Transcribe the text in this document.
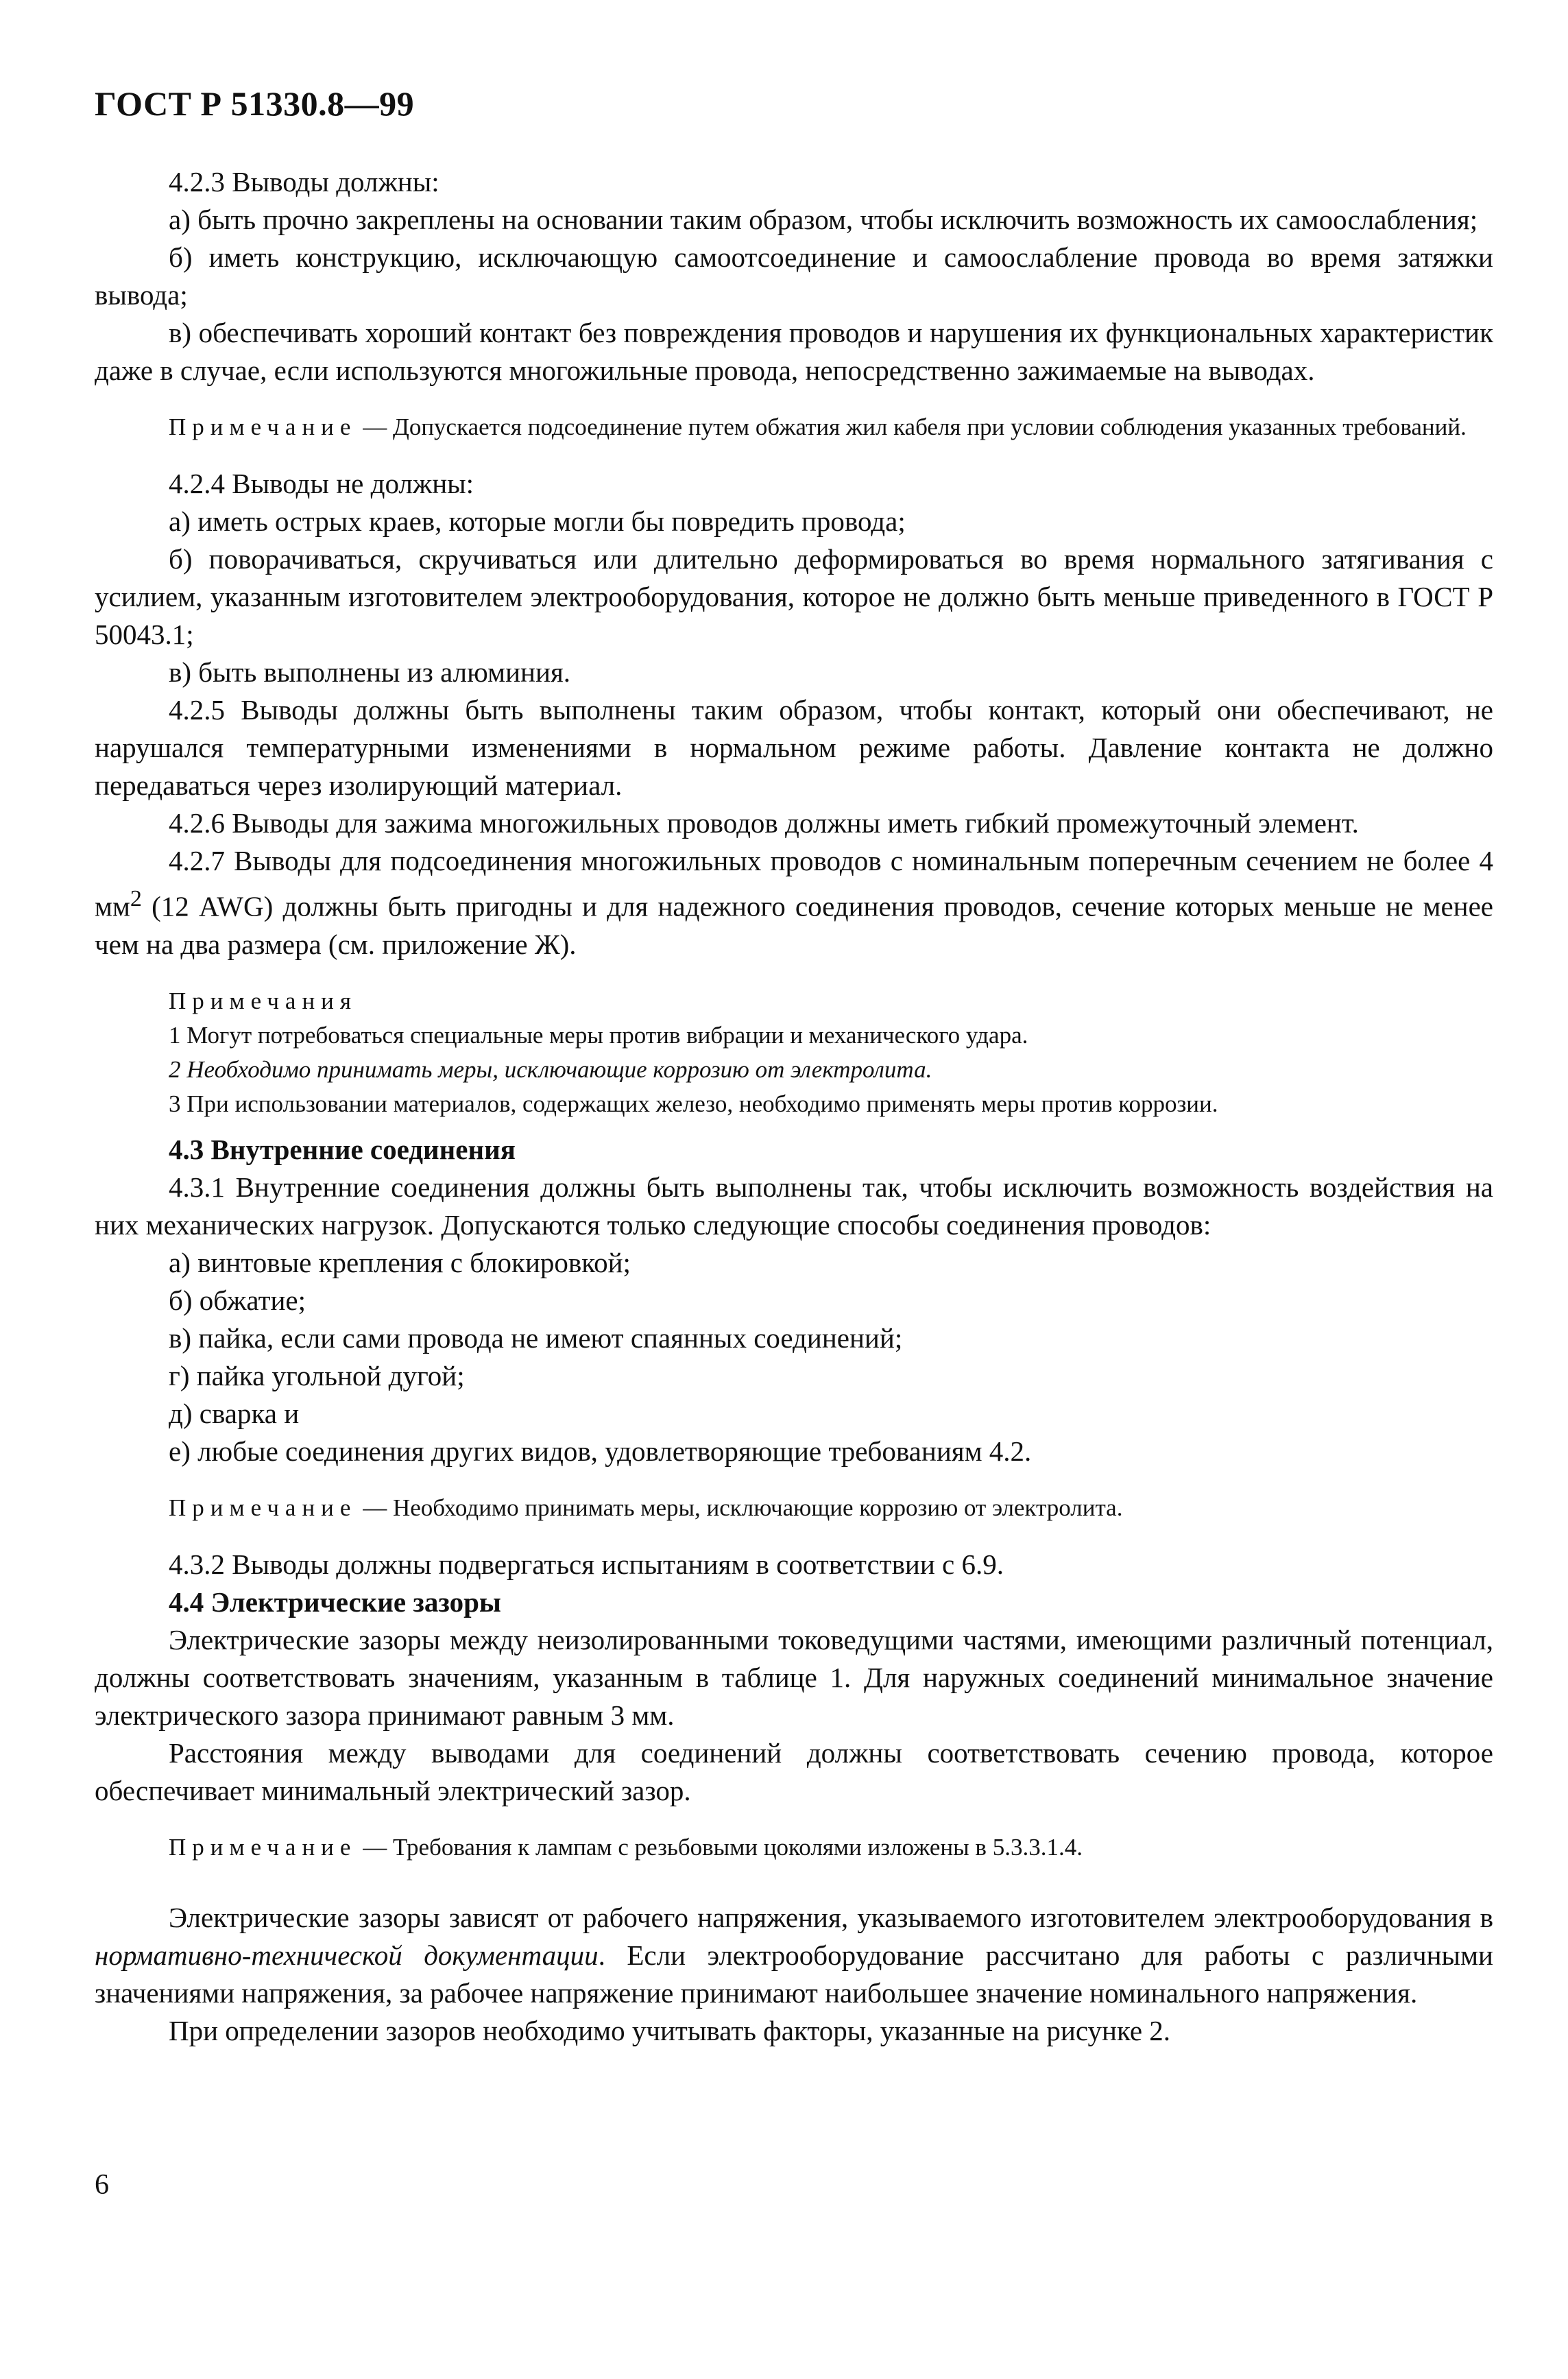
ГОСТ Р 51330.8—99

4.2.3 Выводы должны:

а) быть прочно закреплены на основании таким образом, чтобы исключить возможность их самоослабления;

б) иметь конструкцию, исключающую самоотсоединение и самоослабление провода во время затяжки вывода;

в) обеспечивать хороший контакт без повреждения проводов и нарушения их функциональных характеристик даже в случае, если используются многожильные провода, непосредственно зажимаемые на выводах.

Примечание — Допускается подсоединение путем обжатия жил кабеля при условии соблюдения указанных требований.

4.2.4 Выводы не должны:

а) иметь острых краев, которые могли бы повредить провода;

б) поворачиваться, скручиваться или длительно деформироваться во время нормального затягивания с усилием, указанным изготовителем электрооборудования, которое не должно быть меньше приведенного в ГОСТ Р 50043.1;

в) быть выполнены из алюминия.

4.2.5 Выводы должны быть выполнены таким образом, чтобы контакт, который они обеспечивают, не нарушался температурными изменениями в нормальном режиме работы. Давление контакта не должно передаваться через изолирующий материал.

4.2.6 Выводы для зажима многожильных проводов должны иметь гибкий промежуточный элемент.

4.2.7 Выводы для подсоединения многожильных проводов с номинальным поперечным сечением не более 4 $мм^2$ (12 AWG) должны быть пригодны и для надежного соединения проводов, сечение которых меньше не менее чем на два размера (см. приложение Ж).

Примечания

1 Могут потребоваться специальные меры против вибрации и механического удара.

2 Необходимо принимать меры, исключающие коррозию от электролита.

3 При использовании материалов, содержащих железо, необходимо применять меры против коррозии.

4.3 Внутренние соединения

4.3.1 Внутренние соединения должны быть выполнены так, чтобы исключить возможность воздействия на них механических нагрузок. Допускаются только следующие способы соединения проводов:

а) винтовые крепления с блокировкой;

б) обжатие;

в) пайка, если сами провода не имеют спаянных соединений;

г) пайка угольной дугой;

д) сварка и

е) любые соединения других видов, удовлетворяющие требованиям 4.2.

Примечание — Необходимо принимать меры, исключающие коррозию от электролита.

4.3.2 Выводы должны подвергаться испытаниям в соответствии с 6.9.

4.4 Электрические зазоры

Электрические зазоры между неизолированными токоведущими частями, имеющими различный потенциал, должны соответствовать значениям, указанным в таблице 1. Для наружных соединений минимальное значение электрического зазора принимают равным 3 мм.

Расстояния между выводами для соединений должны соответствовать сечению провода, которое обеспечивает минимальный электрический зазор.

Примечание — Требования к лампам с резьбовыми цоколями изложены в 5.3.3.1.4.

Электрические зазоры зависят от рабочего напряжения, указываемого изготовителем электрооборудования в нормативно-технической документации. Если электрооборудование рассчитано для работы с различными значениями напряжения, за рабочее напряжение принимают наибольшее значение номинального напряжения.

При определении зазоров необходимо учитывать факторы, указанные на рисунке 2.

6
